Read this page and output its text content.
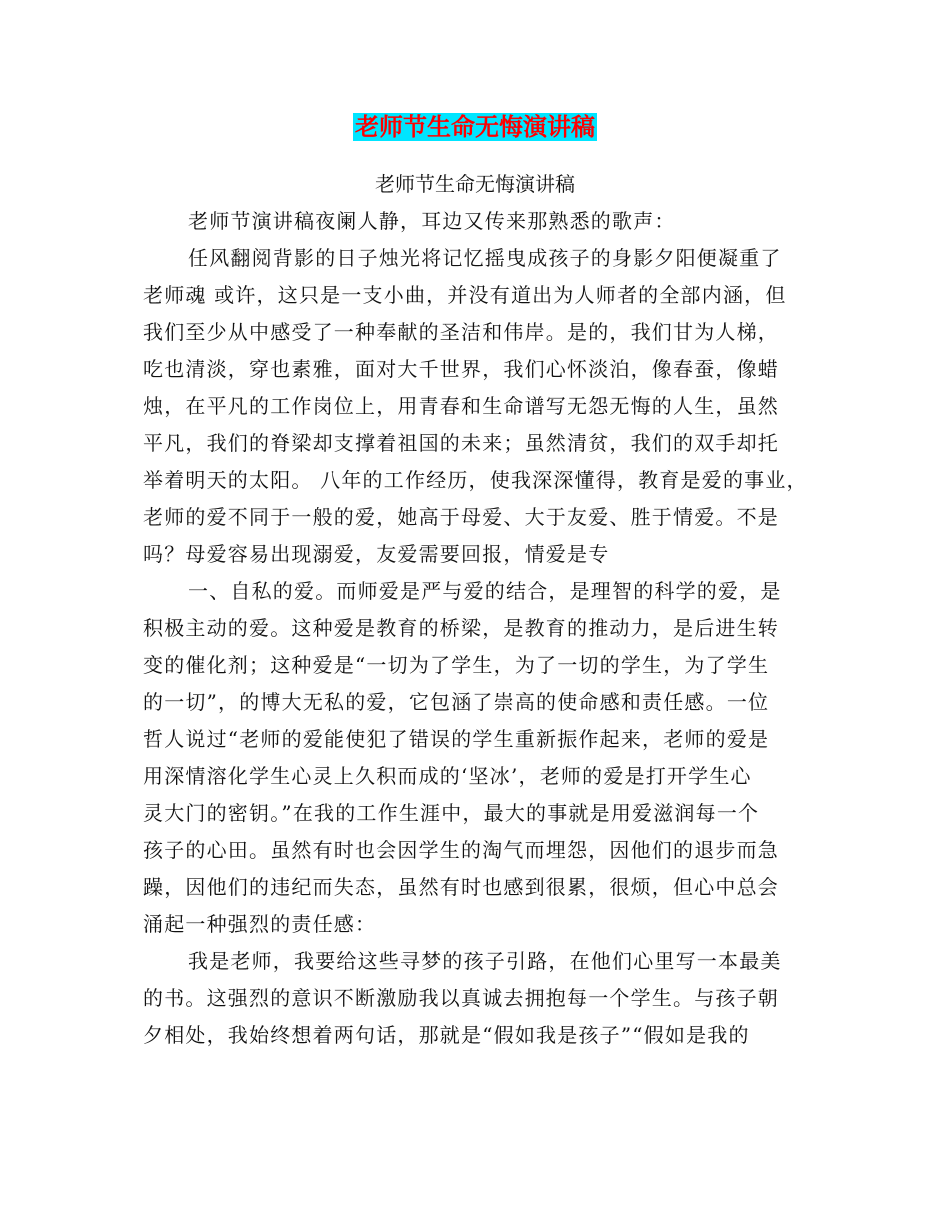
老师节生命无悔演讲稿
老师节生命无悔演讲稿
老师节演讲稿夜阑人静，耳边又传来那熟悉的歌声：
任风翻阅背影的日子烛光将记忆摇曳成孩子的身影夕阳便凝重了
老师魂 或许，这只是一支小曲，并没有道出为人师者的全部内涵，但
我们至少从中感受了一种奉献的圣洁和伟岸。是的，我们甘为人梯，
吃也清淡，穿也素雅，面对大千世界，我们心怀淡泊，像春蚕，像蜡
烛，在平凡的工作岗位上，用青春和生命谱写无怨无悔的人生，虽然
平凡，我们的脊梁却支撑着祖国的未来；虽然清贫，我们的双手却托
举着明天的太阳。 八年的工作经历，使我深深懂得，教育是爱的事业，
老师的爱不同于一般的爱，她高于母爱、大于友爱、胜于情爱。不是
吗？母爱容易出现溺爱，友爱需要回报，情爱是专
一、自私的爱。而师爱是严与爱的结合，是理智的科学的爱，是
积极主动的爱。这种爱是教育的桥梁，是教育的推动力，是后进生转
变的催化剂；这种爱是“一切为了学生，为了一切的学生，为了学生
的一切”，的博大无私的爱，它包涵了崇高的使命感和责任感。一位
哲人说过“老师的爱能使犯了错误的学生重新振作起来，老师的爱是
用深情溶化学生心灵上久积而成的‘坚冰’，老师的爱是打开学生心
灵大门的密钥。”在我的工作生涯中，最大的事就是用爱滋润每一个
孩子的心田。虽然有时也会因学生的淘气而埋怨，因他们的退步而急
躁，因他们的违纪而失态，虽然有时也感到很累，很烦，但心中总会
涌起一种强烈的责任感：
我是老师，我要给这些寻梦的孩子引路，在他们心里写一本最美
的书。这强烈的意识不断激励我以真诚去拥抱每一个学生。与孩子朝
夕相处，我始终想着两句话，那就是“假如我是孩子”“假如是我的
